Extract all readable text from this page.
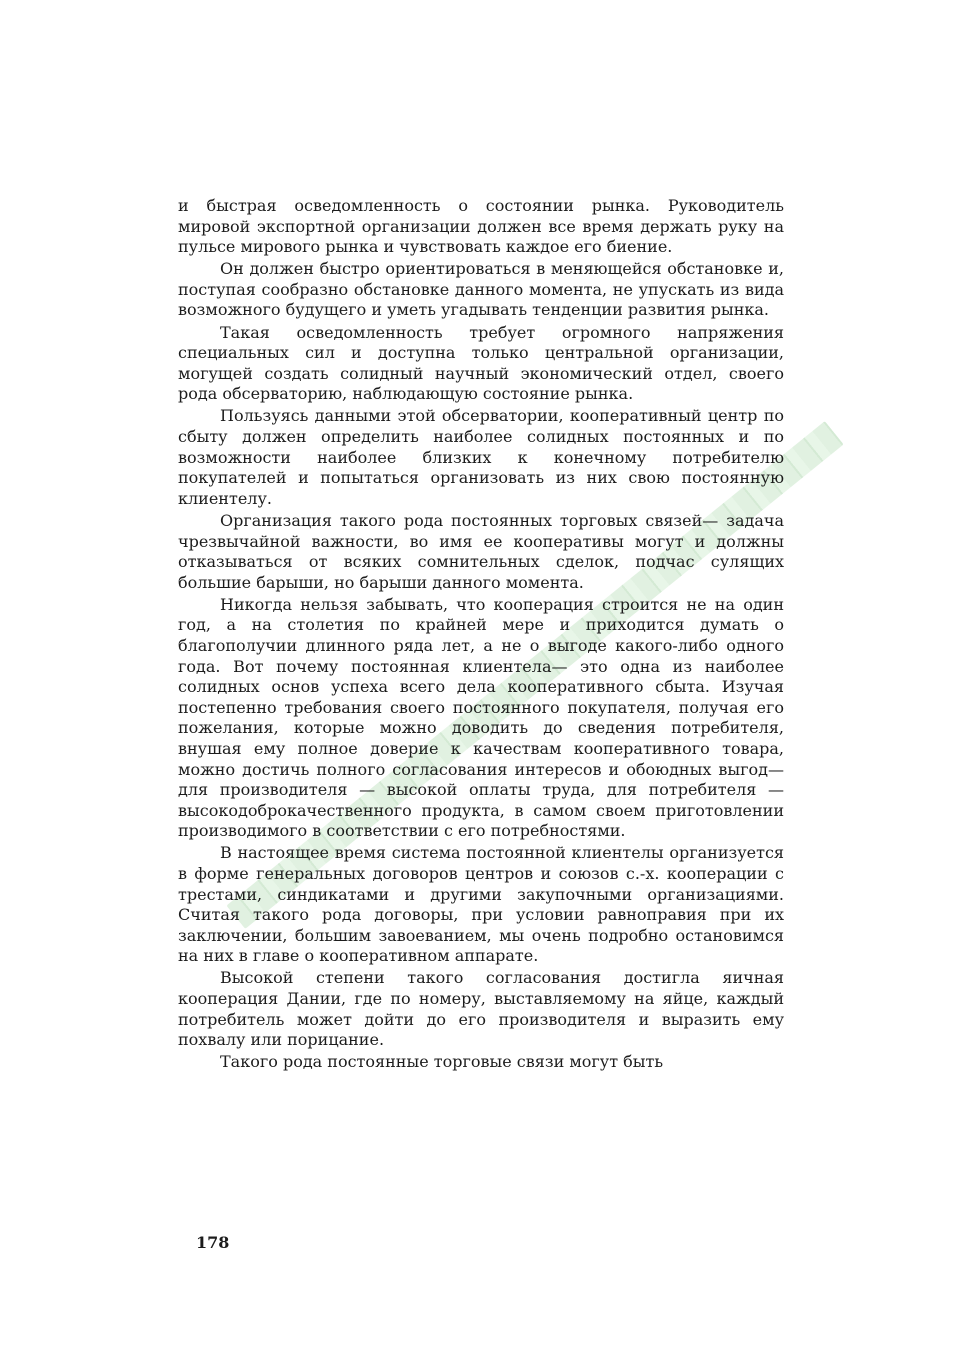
и быстрая осведомленность о состоянии рынка. Руководитель мировой экспортной организации должен все время держать руку на пульсе мирового рынка и чувствовать каждое его биение.

Он должен быстро ориентироваться в меняющейся обстановке и, поступая сообразно обстановке данного момента, не упускать из вида возможного будущего и уметь угадывать тенденции развития рынка.

Такая осведомленность требует огромного напряжения специальных сил и доступна только центральной организации, могущей создать солидный научный экономический отдел, своего рода обсерваторию, наблюдающую состояние рынка.

Пользуясь данными этой обсерватории, кооперативный центр по сбыту должен определить наиболее солидных постоянных и по возможности наиболее близких к конечному потребителю покупателей и попытаться организовать из них свою постоянную клиентелу.

Организация такого рода постоянных торговых связей— задача чрезвычайной важности, во имя ее кооперативы могут и должны отказываться от всяких сомнительных сделок, подчас сулящих большие барыши, но барыши данного момента.

Никогда нельзя забывать, что кооперация строится не на один год, а на столетия по крайней мере и приходится думать о благополучии длинного ряда лет, а не о выгоде какого-либо одного года. Вот почему постоянная клиентела— это одна из наиболее солидных основ успеха всего дела кооперативного сбыта. Изучая постепенно требования своего постоянного покупателя, получая его пожелания, которые можно доводить до сведения потребителя, внушая ему полное доверие к качествам кооперативного товара, можно достичь полного согласования интересов и обоюдных выгод— для производителя — высокой оплаты труда, для потребителя — высокодоброкачественного продукта, в самом своем приготовлении производимого в соответствии с его потребностями.

В настоящее время система постоянной клиентелы организуется в форме генеральных договоров центров и союзов с.-х. кооперации с трестами, синдикатами и другими закупочными организациями. Считая такого рода договоры, при условии равноправия при их заключении, большим завоеванием, мы очень подробно остановимся на них в главе о кооперативном аппарате.

Высокой степени такого согласования достигла яичная кооперация Дании, где по номеру, выставляемому на яйце, каждый потребитель может дойти до его производителя и выразить ему похвалу или порицание.

Такого рода постоянные торговые связи могут быть

178
